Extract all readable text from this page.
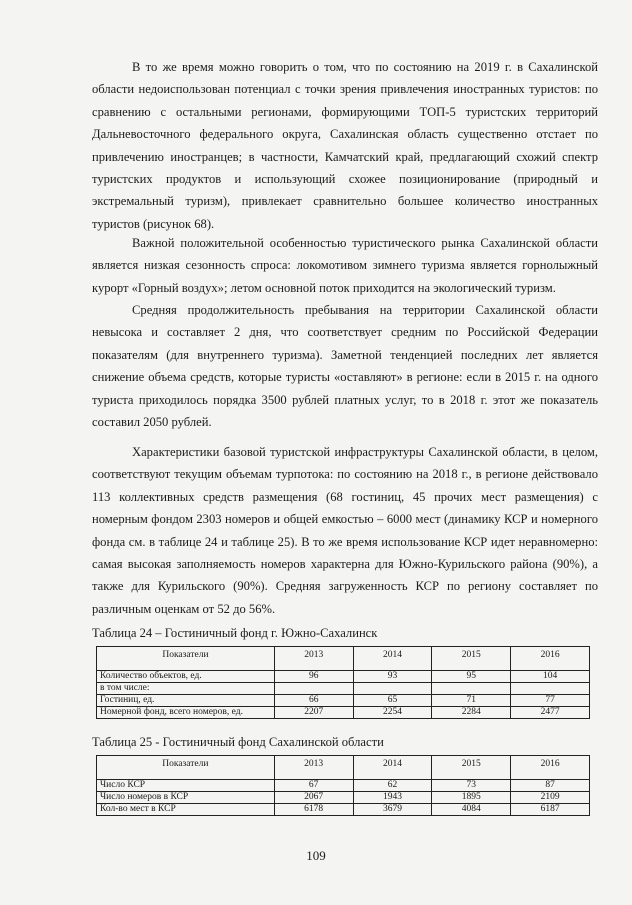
В то же время можно говорить о том, что по состоянию на 2019 г. в Сахалинской области недоиспользован потенциал с точки зрения привлечения иностранных туристов: по сравнению с остальными регионами, формирующими ТОП-5 туристских территорий Дальневосточного федерального округа, Сахалинская область существенно отстает по привлечению иностранцев; в частности, Камчатский край, предлагающий схожий спектр туристских продуктов и использующий схожее позиционирование (природный и экстремальный туризм), привлекает сравнительно большее количество иностранных туристов (рисунок 68).

Важной положительной особенностью туристического рынка Сахалинской области является низкая сезонность спроса: локомотивом зимнего туризма является горнолыжный курорт «Горный воздух»; летом основной поток приходится на экологический туризм.

Средняя продолжительность пребывания на территории Сахалинской области невысока и составляет 2 дня, что соответствует средним по Российской Федерации показателям (для внутреннего туризма). Заметной тенденцией последних лет является снижение объема средств, которые туристы «оставляют» в регионе: если в 2015 г. на одного туриста приходилось порядка 3500 рублей платных услуг, то в 2018 г. этот же показатель составил 2050 рублей.

Характеристики базовой туристской инфраструктуры Сахалинской области, в целом, соответствуют текущим объемам турпотока: по состоянию на 2018 г., в регионе действовало 113 коллективных средств размещения (68 гостиниц, 45 прочих мест размещения) с номерным фондом 2303 номеров и общей емкостью – 6000 мест (динамику КСР и номерного фонда см. в таблице 24 и таблице 25). В то же время использование КСР идет неравномерно: самая высокая заполняемость номеров характерна для Южно-Курильского района (90%), а также для Курильского (90%). Средняя загруженность КСР по региону составляет по различным оценкам от 52 до 56%.

Таблица 24 – Гостиничный фонд г. Южно-Сахалинск

Показатели	2013	2014	2015	2016
Количество объектов, ед.	96	93	95	104
в том числе:				
Гостиниц, ед.	66	65	71	77
Номерной фонд, всего номеров, ед.	2207	2254	2284	2477

Таблица 25 - Гостиничный фонд Сахалинской области

Показатели	2013	2014	2015	2016
Число КСР	67	62	73	87
Число номеров в КСР	2067	1943	1895	2109
Кол-во мест в КСР	6178	3679	4084	6187

109
